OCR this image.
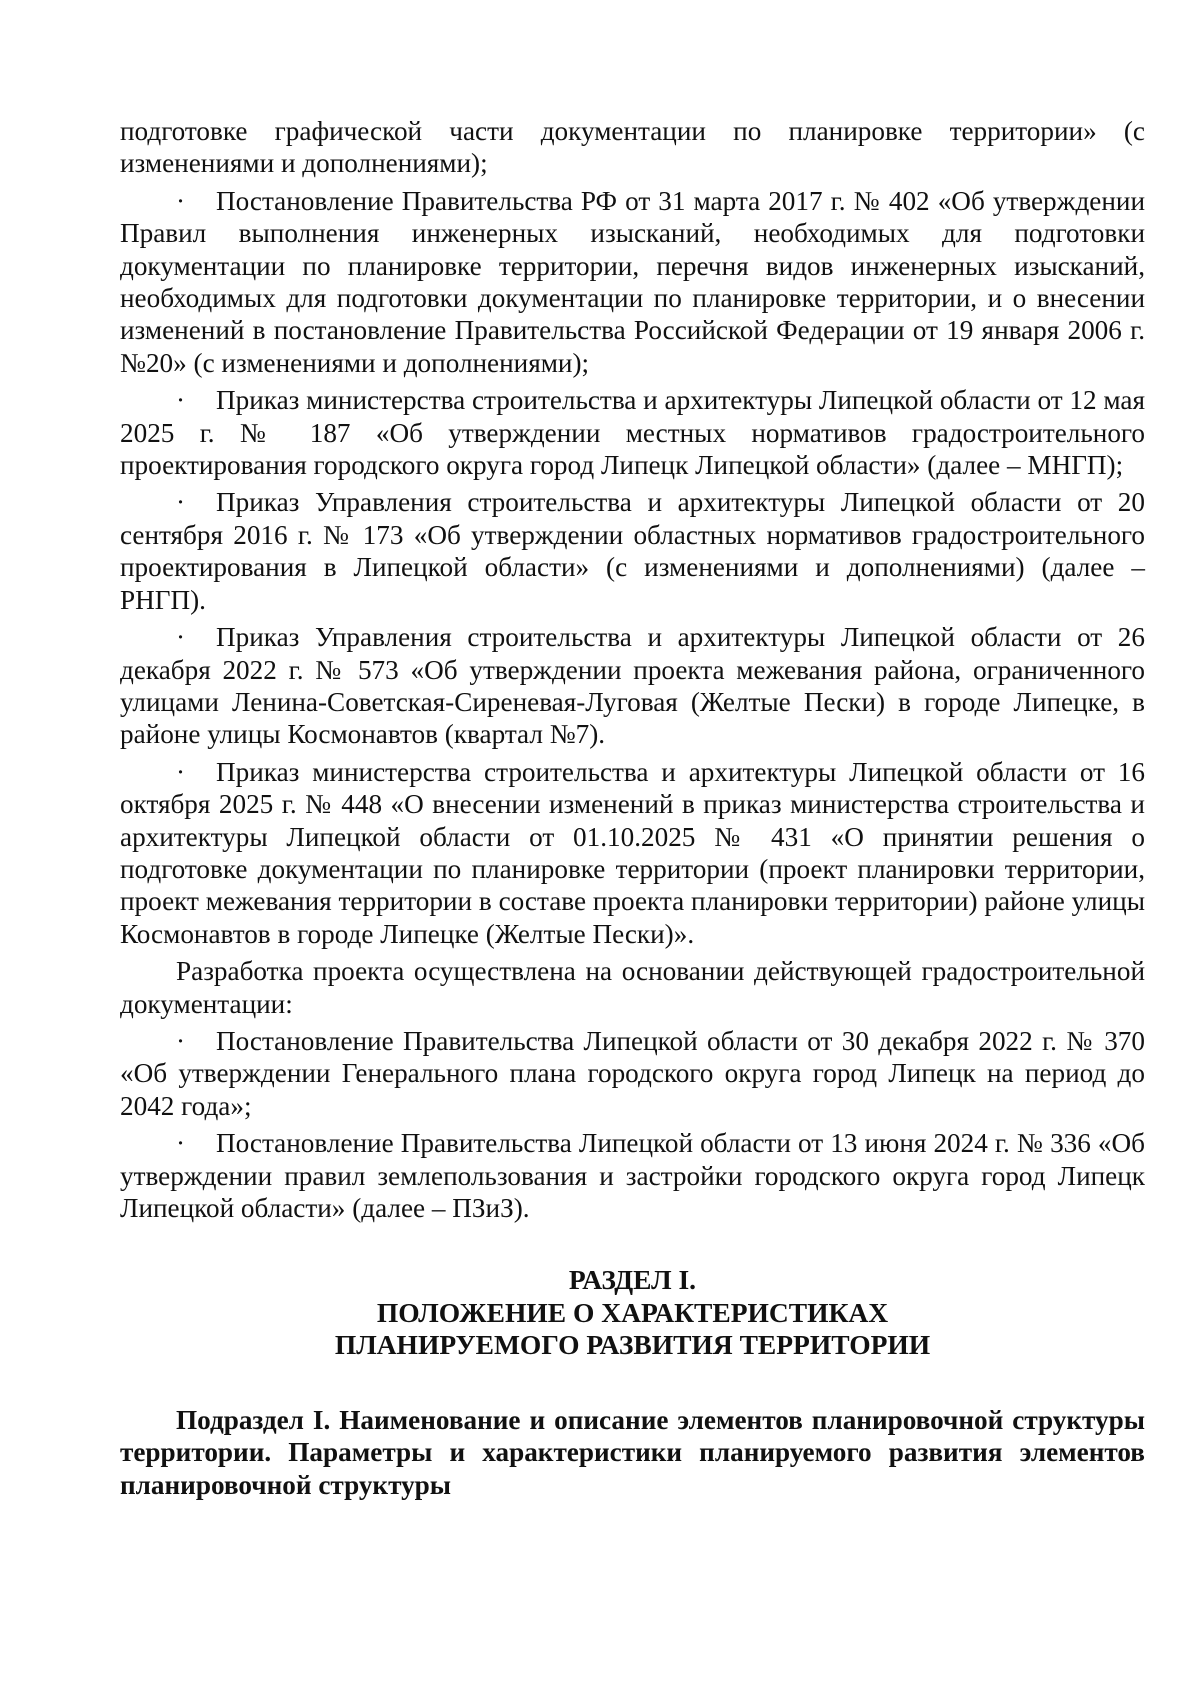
подготовке графической части документации по планировке территории» (с изменениями и дополнениями);

· Постановление Правительства РФ от 31 марта 2017 г. № 402 «Об утверждении Правил выполнения инженерных изысканий, необходимых для подготовки документации по планировке территории, перечня видов инженерных изысканий, необходимых для подготовки документации по планировке территории, и о внесении изменений в постановление Правительства Российской Федерации от 19 января 2006 г. №20» (с изменениями и дополнениями);

· Приказ министерства строительства и архитектуры Липецкой области от 12 мая 2025 г. № 187 «Об утверждении местных нормативов градостроительного проектирования городского округа город Липецк Липецкой области» (далее – МНГП);

· Приказ Управления строительства и архитектуры Липецкой области от 20 сентября 2016 г. № 173 «Об утверждении областных нормативов градостроительного проектирования в Липецкой области» (с изменениями и дополнениями) (далее – РНГП).

· Приказ Управления строительства и архитектуры Липецкой области от 26 декабря 2022 г. № 573 «Об утверждении проекта межевания района, ограниченного улицами Ленина-Советская-Сиреневая-Луговая (Желтые Пески) в городе Липецке, в районе улицы Космонавтов (квартал №7).

· Приказ министерства строительства и архитектуры Липецкой области от 16 октября 2025 г. № 448 «О внесении изменений в приказ министерства строительства и архитектуры Липецкой области от 01.10.2025 № 431 «О принятии решения о подготовке документации по планировке территории (проект планировки территории, проект межевания территории в составе проекта планировки территории) районе улицы Космонавтов в городе Липецке (Желтые Пески)».

Разработка проекта осуществлена на основании действующей градостроительной документации:

· Постановление Правительства Липецкой области от 30 декабря 2022 г. № 370 «Об утверждении Генерального плана городского округа город Липецк на период до 2042 года»;

· Постановление Правительства Липецкой области от 13 июня 2024 г. № 336 «Об утверждении правил землепользования и застройки городского округа город Липецк Липецкой области» (далее – ПЗиЗ).

РАЗДЕЛ I.
ПОЛОЖЕНИЕ О ХАРАКТЕРИСТИКАХ
ПЛАНИРУЕМОГО РАЗВИТИЯ ТЕРРИТОРИИ

Подраздел I. Наименование и описание элементов планировочной структуры территории. Параметры и характеристики планируемого развития элементов планировочной структуры
